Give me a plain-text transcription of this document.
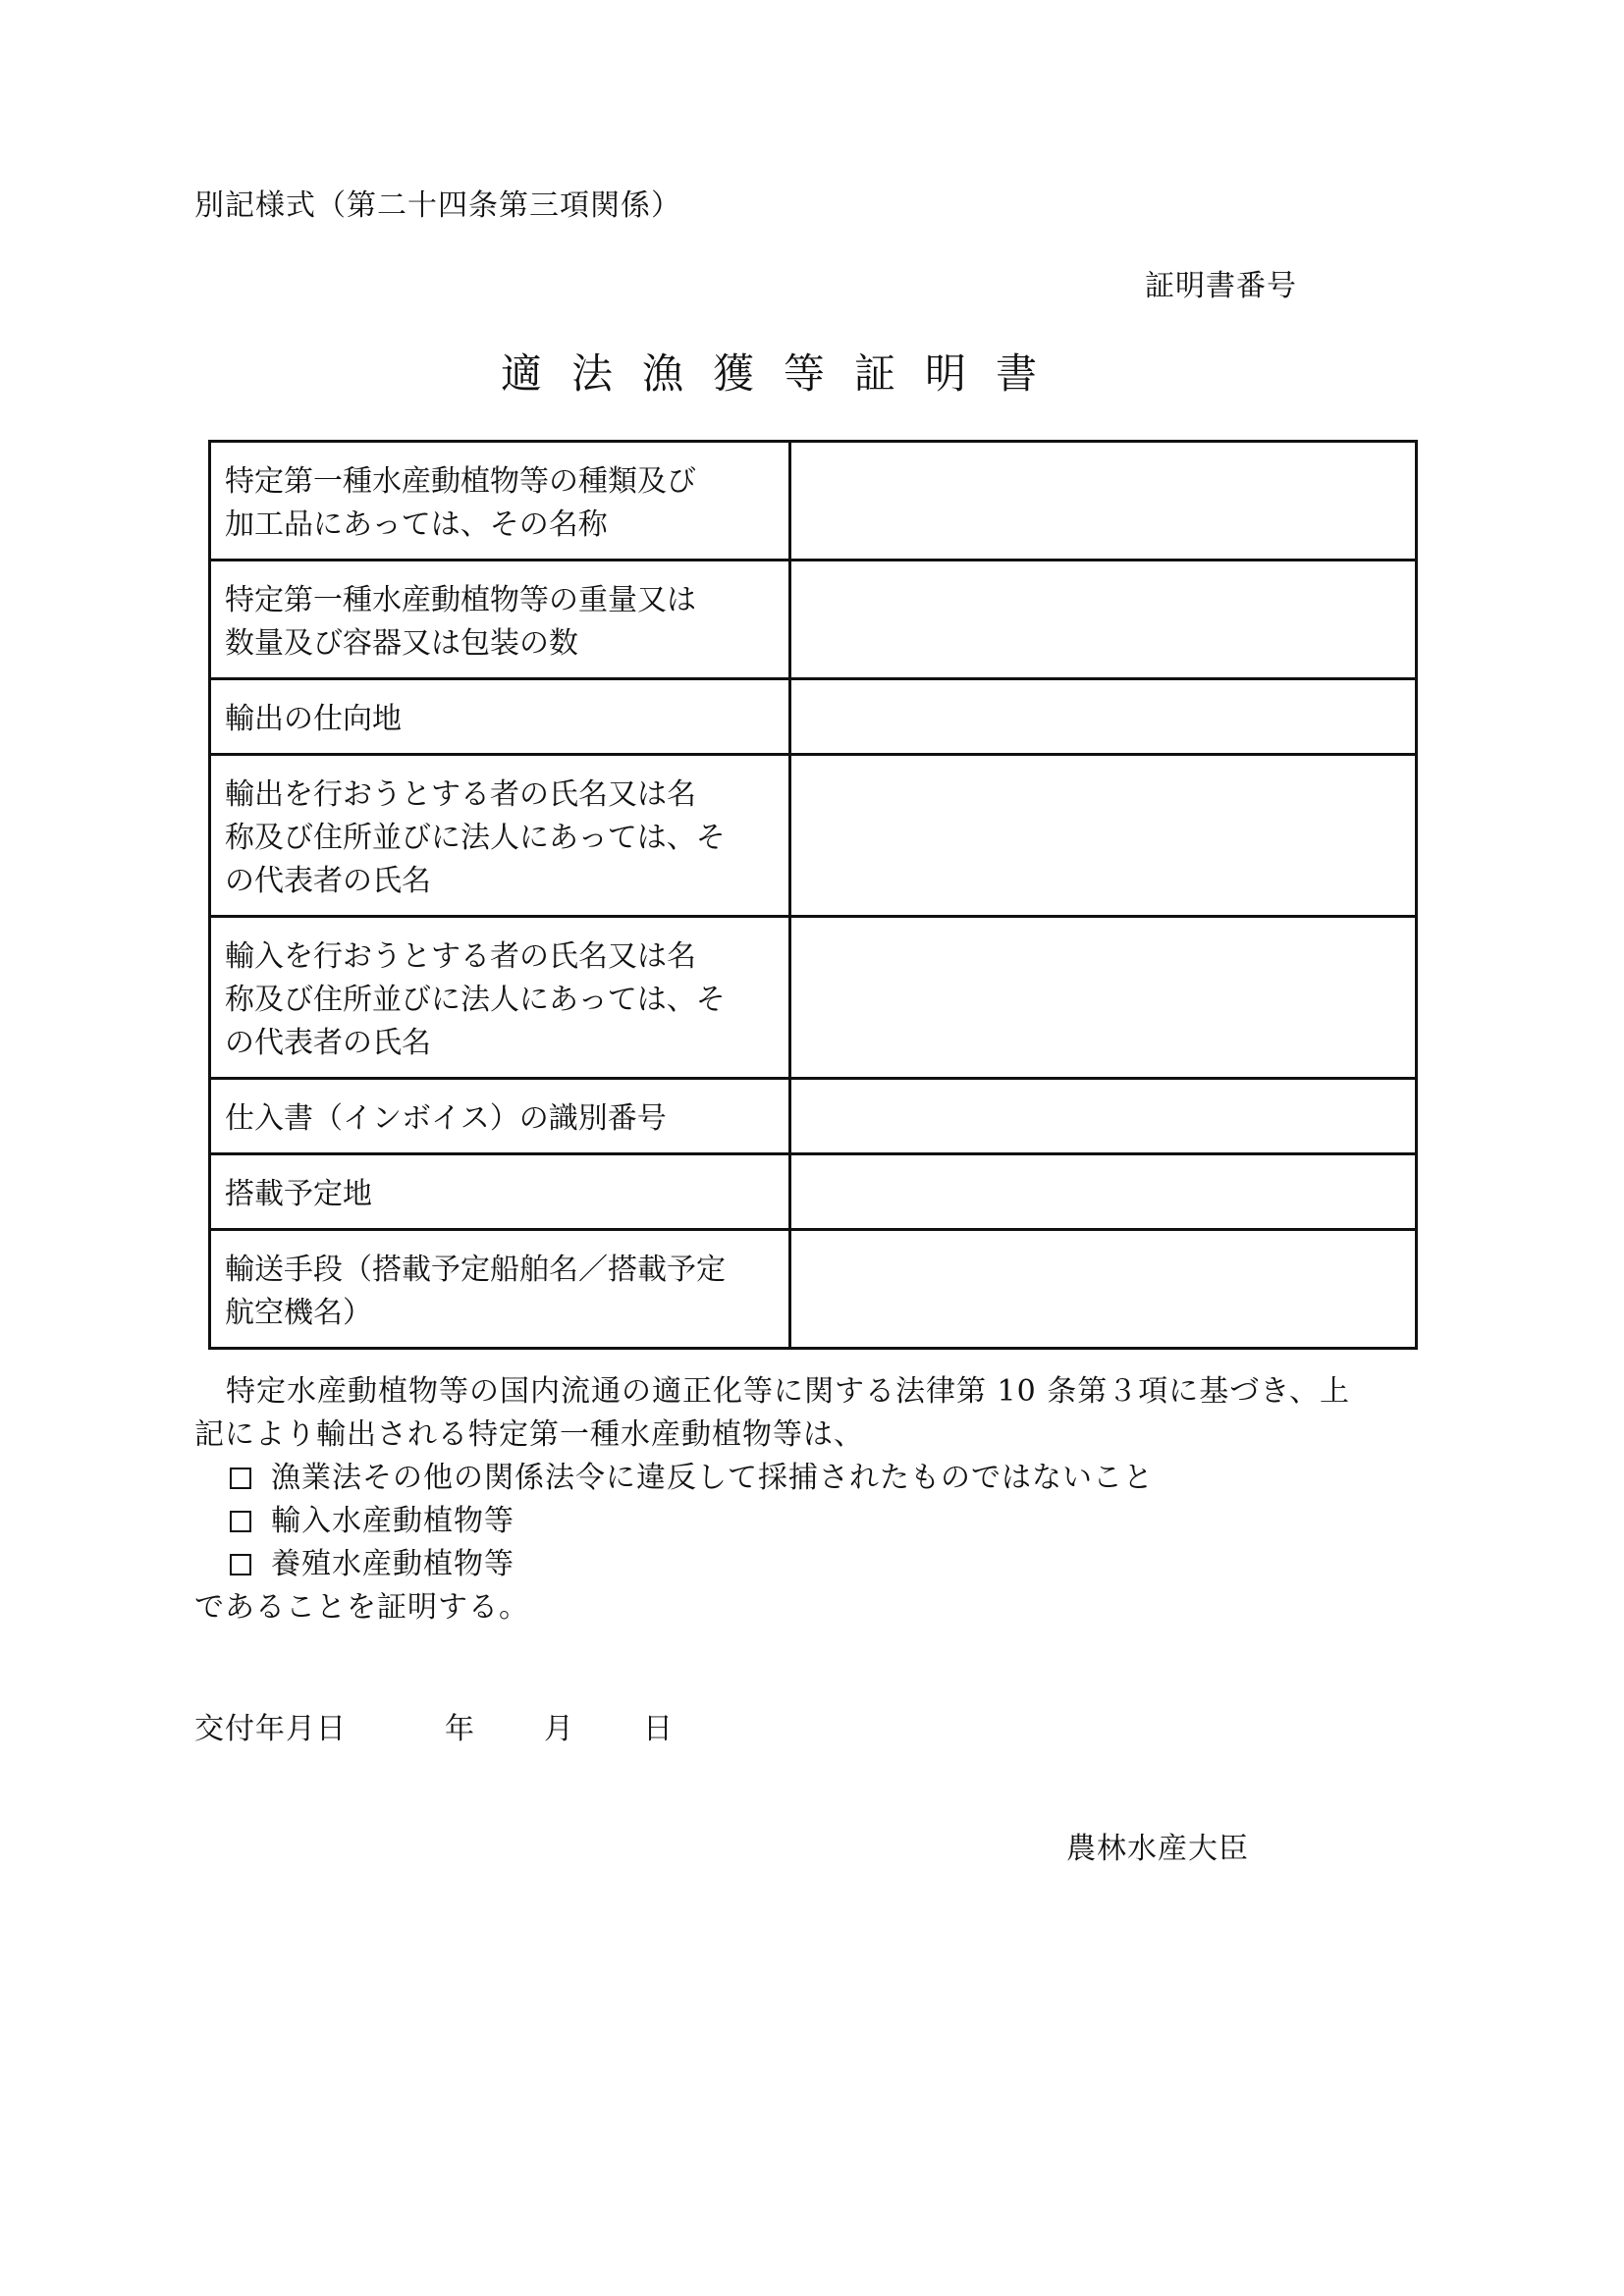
別記様式（第二十四条第三項関係）
証明書番号
適法漁獲等証明書
特定第一種水産動植物等の種類及び
加工品にあっては、その名称	

特定第一種水産動植物等の重量又は
数量及び容器又は包装の数	

輸出の仕向地	

輸出を行おうとする者の氏名又は名
称及び住所並びに法人にあっては、そ
の代表者の氏名	

輸入を行おうとする者の氏名又は名
称及び住所並びに法人にあっては、そ
の代表者の氏名	

仕入書（インボイス）の識別番号	

搭載予定地	

輸送手段（搭載予定船舶名／搭載予定
航空機名）	

特定水産動植物等の国内流通の適正化等に関する法律第 10 条第３項に基づき、上

記により輸出される特定第一種水産動植物等は、

漁業法その他の関係法令に違反して採捕されたものではないこと
輸入水産動植物等
養殖水産動植物等

であることを証明する。

交付年月日	年 月 日
農林水産大臣
